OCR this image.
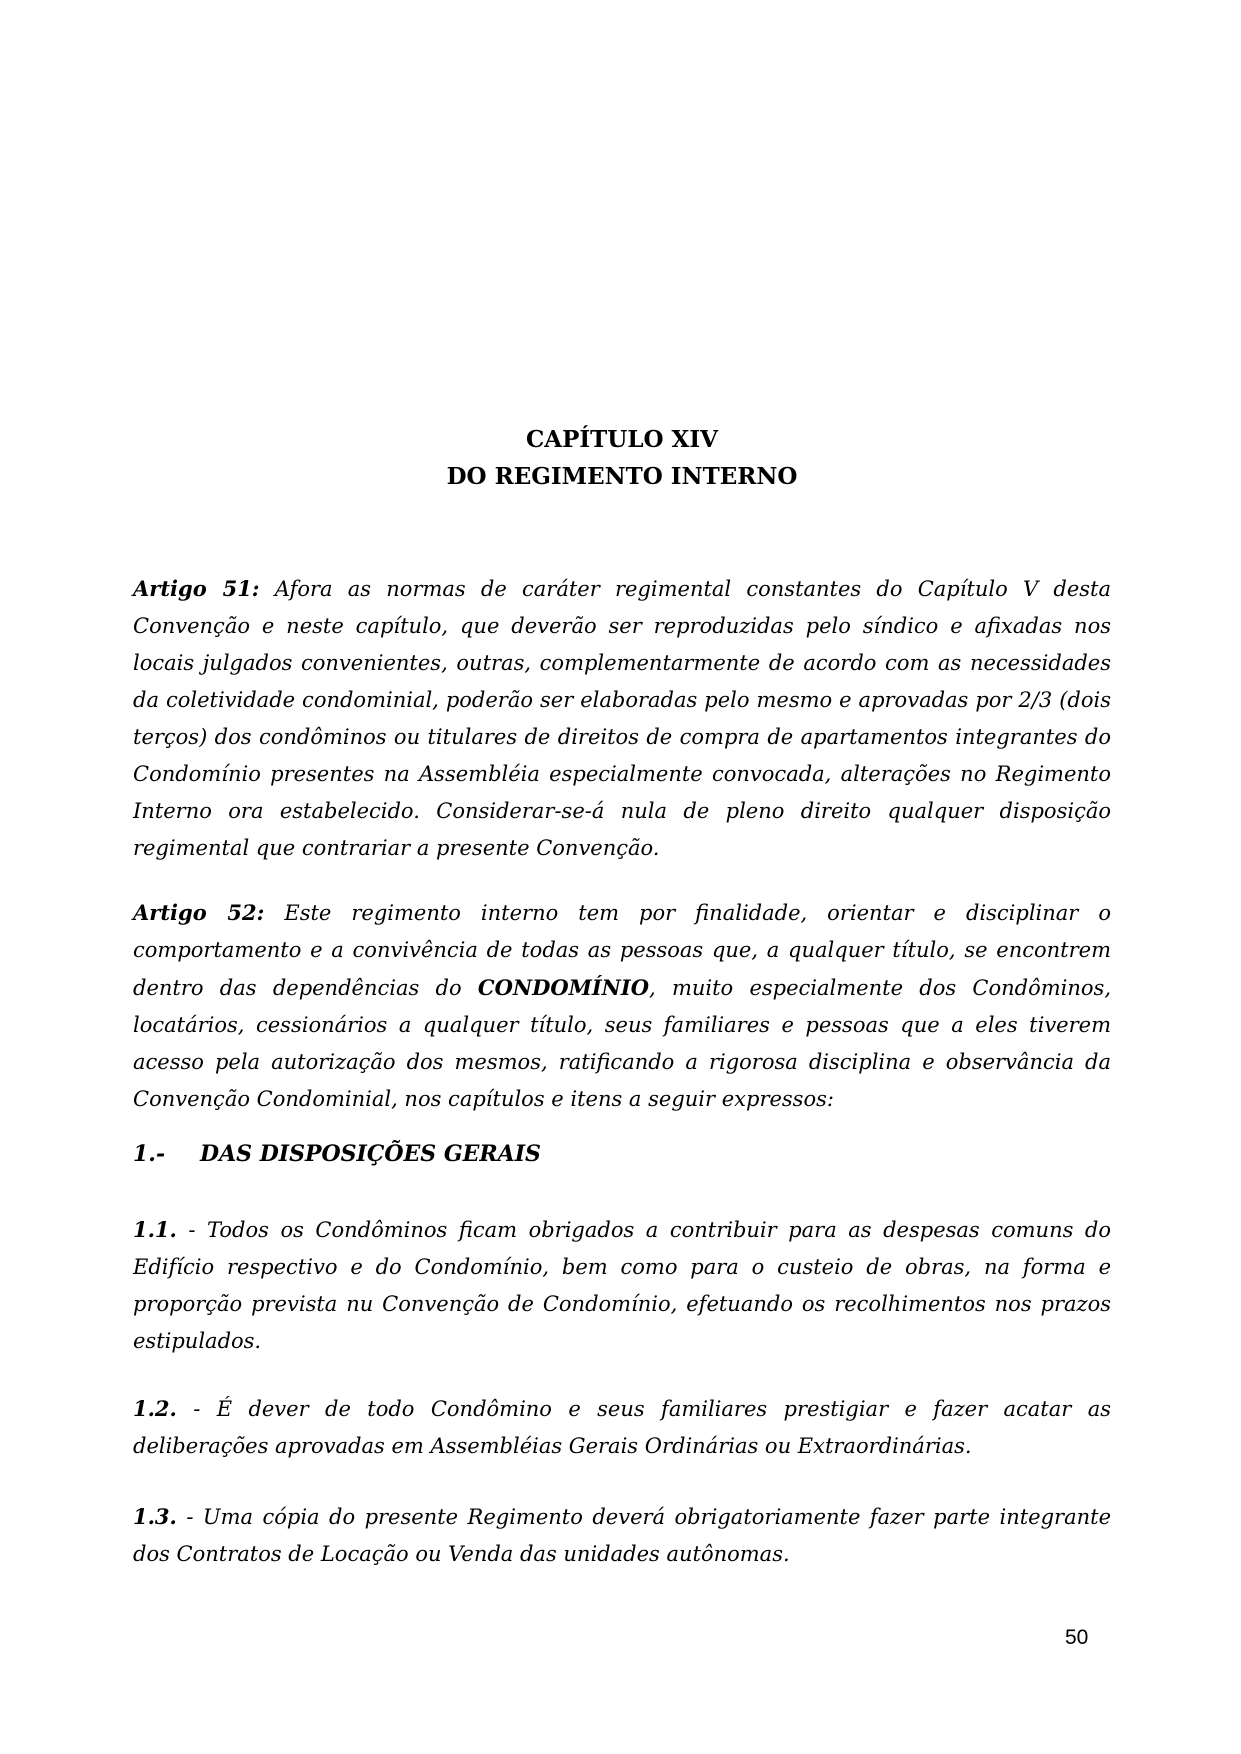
CAPÍTULO XIV
DO REGIMENTO INTERNO

Artigo 51: Afora as normas de caráter regimental constantes do Capítulo V desta Convenção e neste capítulo, que deverão ser reproduzidas pelo síndico e afixadas nos locais julgados convenientes, outras, complementarmente de acordo com as necessidades da coletividade condominial, poderão ser elaboradas pelo mesmo e aprovadas por 2/3 (dois terços) dos condôminos ou titulares de direitos de compra de apartamentos integrantes do Condomínio presentes na Assembléia especialmente convocada, alterações no Regimento Interno ora estabelecido. Considerar-se-á nula de pleno direito qualquer disposição regimental que contrariar a presente Convenção.

Artigo 52: Este regimento interno tem por finalidade, orientar e disciplinar o comportamento e a convivência de todas as pessoas que, a qualquer título, se encontrem dentro das dependências do CONDOMÍNIO, muito especialmente dos Condôminos, locatários, cessionários a qualquer título, seus familiares e pessoas que a eles tiverem acesso pela autorização dos mesmos, ratificando a rigorosa disciplina e observância da Convenção Condominial, nos capítulos e itens a seguir expressos:

1.- DAS DISPOSIÇÕES GERAIS

1.1. - Todos os Condôminos ficam obrigados a contribuir para as despesas comuns do Edifício respectivo e do Condomínio, bem como para o custeio de obras, na forma e proporção prevista nu Convenção de Condomínio, efetuando os recolhimentos nos prazos estipulados.

1.2. - É dever de todo Condômino e seus familiares prestigiar e fazer acatar as deliberações aprovadas em Assembléias Gerais Ordinárias ou Extraordinárias.

1.3. - Uma cópia do presente Regimento deverá obrigatoriamente fazer parte integrante dos Contratos de Locação ou Venda das unidades autônomas.

50
